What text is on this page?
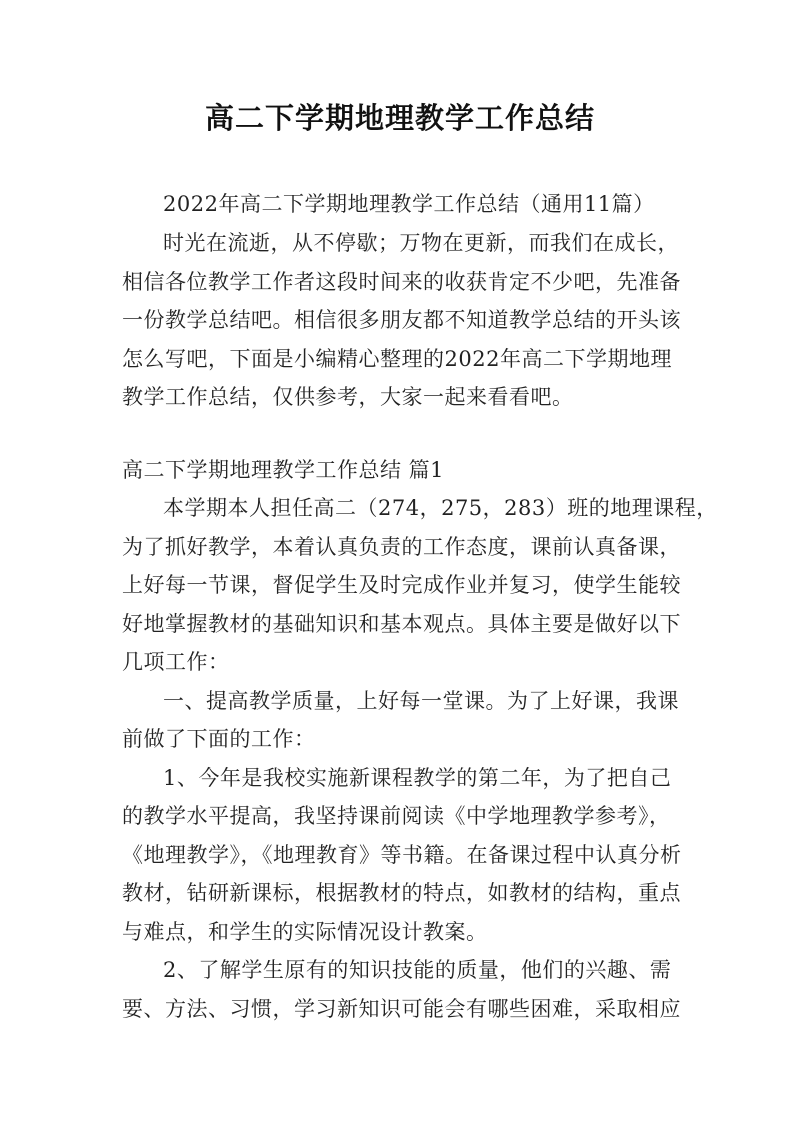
高二下学期地理教学工作总结
2022年高二下学期地理教学工作总结（通用11篇）
时光在流逝，从不停歇；万物在更新，而我们在成长，
相信各位教学工作者这段时间来的收获肯定不少吧，先准备
一份教学总结吧。相信很多朋友都不知道教学总结的开头该
怎么写吧，下面是小编精心整理的2022年高二下学期地理
教学工作总结，仅供参考，大家一起来看看吧。
高二下学期地理教学工作总结 篇1
本学期本人担任高二（274，275，283）班的地理课程，
为了抓好教学，本着认真负责的工作态度，课前认真备课，
上好每一节课，督促学生及时完成作业并复习，使学生能较
好地掌握教材的基础知识和基本观点。具体主要是做好以下
几项工作：
一、提高教学质量，上好每一堂课。为了上好课，我课
前做了下面的工作：
1、今年是我校实施新课程教学的第二年，为了把自己
的教学水平提高，我坚持课前阅读《中学地理教学参考》，
《地理教学》，《地理教育》等书籍。在备课过程中认真分析
教材，钻研新课标，根据教材的特点，如教材的结构，重点
与难点，和学生的实际情况设计教案。
2、了解学生原有的知识技能的质量，他们的兴趣、需
要、方法、习惯，学习新知识可能会有哪些困难，采取相应
